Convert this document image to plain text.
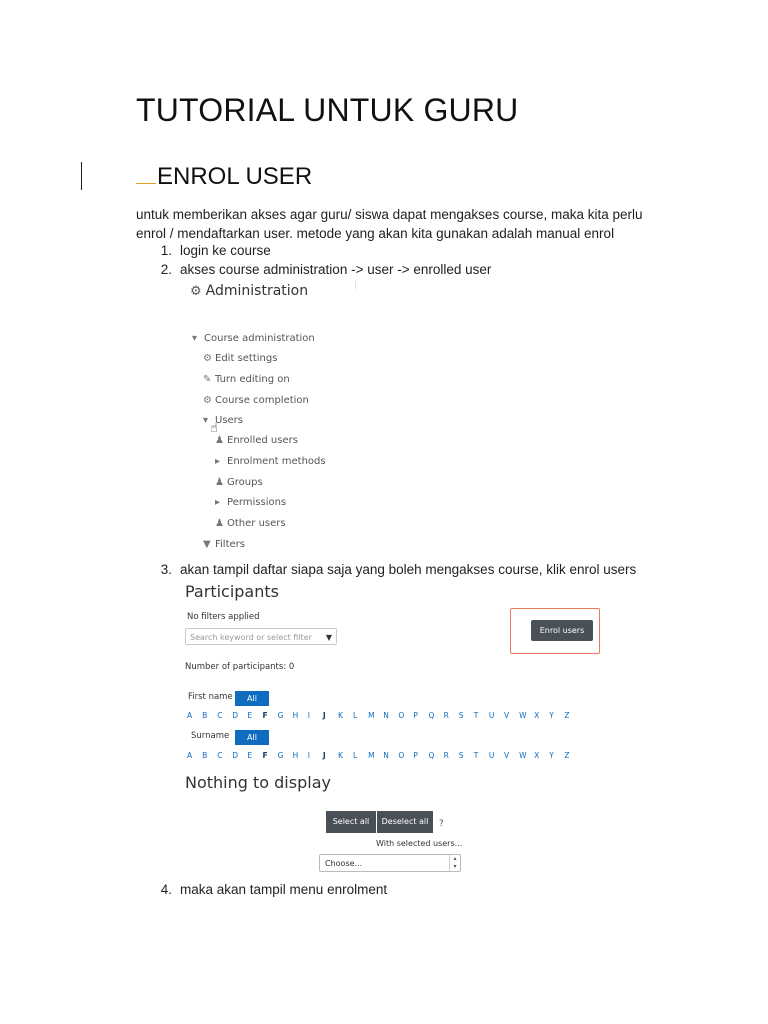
TUTORIAL UNTUK GURU
ENROL USER
untuk memberikan akses agar guru/ siswa dapat mengakses course, maka kita perlu enrol / mendaftarkan user. metode yang akan kita gunakan adalah manual enrol
1. login ke course
2. akses course administration -> user -> enrolled user
⚙ Administration
▾ Course administration
⚙ Edit settings
✎ Turn editing on
⚙ Course completion
▾ Users
☝
♟ Enrolled users
▸ Enrolment methods
♟ Groups
▸ Permissions
♟ Other users
▼ Filters
3. akan tampil daftar siapa saja yang boleh mengakses course, klik enrol users
Participants
No filters applied
Search keyword or select filter ▼
Enrol users
Number of participants: 0
First name	All
A B C D E F G H I J K L M N O P Q R S T U V W X Y Z
Surname	All
A B C D E F G H I J K L M N O P Q R S T U V W X Y Z
Nothing to display
Select all	Deselect all	?
With selected users...
Choose...
▴
▾
4. maka akan tampil menu enrolment
